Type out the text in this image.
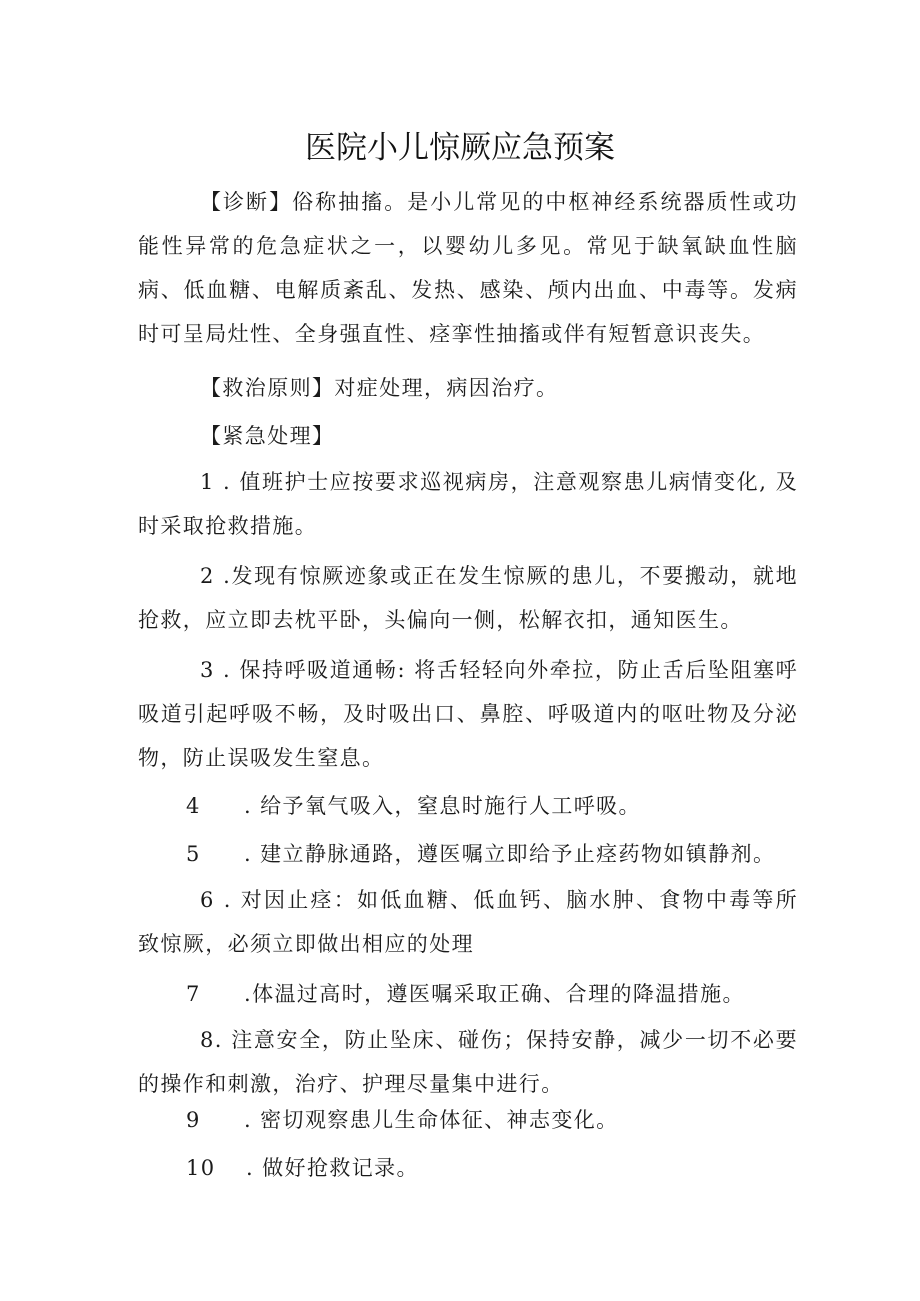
医院小儿惊厥应急预案

【诊断】俗称抽搐。是小儿常见的中枢神经系统器质性或功能性异常的危急症状之一，以婴幼儿多见。常见于缺氧缺血性脑病、低血糖、电解质紊乱、发热、感染、颅内出血、中毒等。发病时可呈局灶性、全身强直性、痉挛性抽搐或伴有短暂意识丧失。

【救治原则】对症处理，病因治疗。

【紧急处理】

1 . 值班护士应按要求巡视病房，注意观察患儿病情变化, 及时采取抢救措施。

2 .发现有惊厥迹象或正在发生惊厥的患儿，不要搬动，就地抢救，应立即去枕平卧，头偏向一侧，松解衣扣，通知医生。

3 . 保持呼吸道通畅: 将舌轻轻向外牵拉，防止舌后坠阻塞呼吸道引起呼吸不畅，及时吸出口、鼻腔、呼吸道内的呕吐物及分泌物，防止误吸发生窒息。

4 . 给予氧气吸入，窒息时施行人工呼吸。

5 . 建立静脉通路，遵医嘱立即给予止痉药物如镇静剂。

6 . 对因止痉：如低血糖、低血钙、脑水肿、食物中毒等所致惊厥，必须立即做出相应的处理

7 .体温过高时，遵医嘱采取正确、合理的降温措施。

8. 注意安全，防止坠床、碰伤；保持安静，减少一切不必要的操作和刺激，治疗、护理尽量集中进行。

9 . 密切观察患儿生命体征、神志变化。

10 . 做好抢救记录。
